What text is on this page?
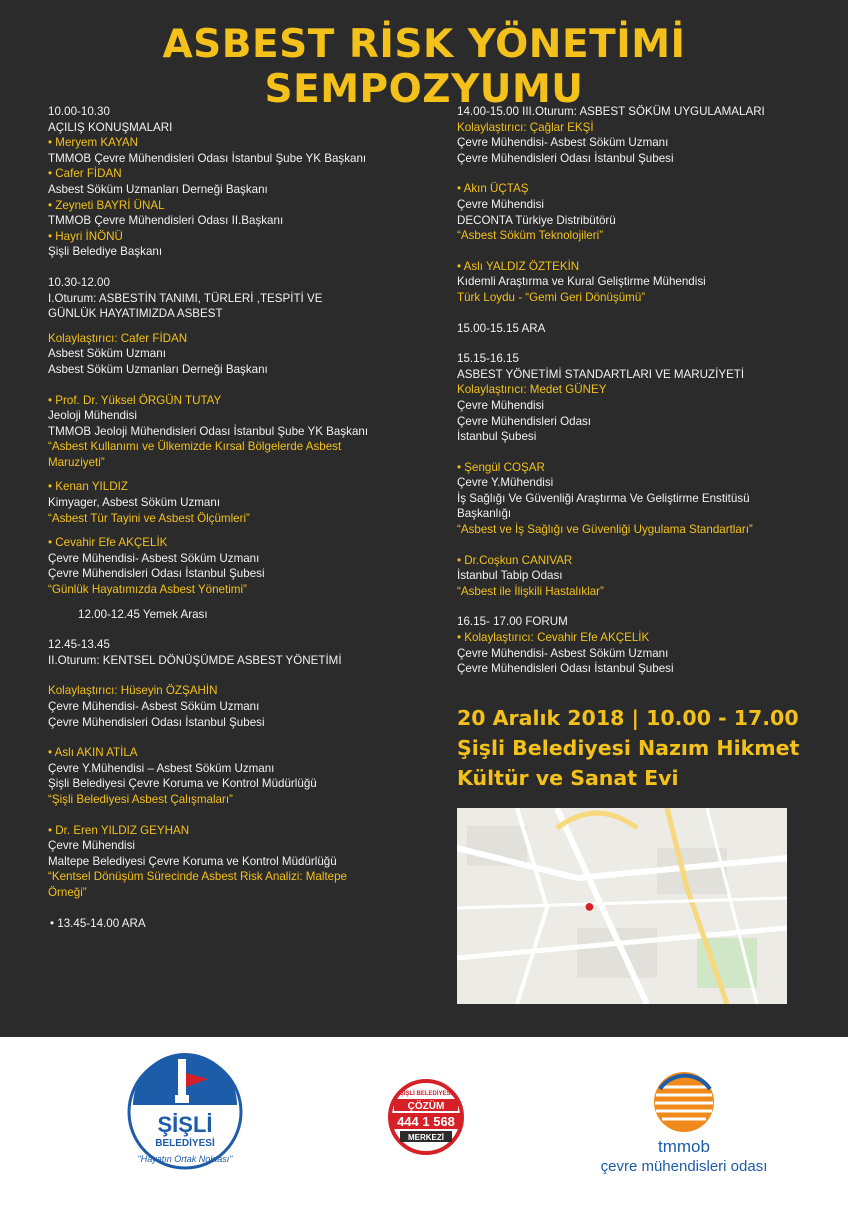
ASBEST RİSK YÖNETİMİ SEMPOZYUMU
10.00-10.30
AÇILIŞ KONUŞMALARI
• Meryem KAYAN
TMMOB Çevre Mühendisleri Odası İstanbul Şube YK Başkanı
• Cafer FİDAN
Asbest Söküm Uzmanları Derneği Başkanı
• Zeyneti BAYRİ ÜNAL
TMMOB Çevre Mühendisleri Odası II.Başkanı
• Hayri İNÖNÜ
Şişli Belediye Başkanı
10.30-12.00
I.Oturum: ASBESTİN TANIMI, TÜRLERİ ,TESPİTİ VE
GÜNLÜK HAYATIMIZDA ASBEST
Kolaylaştırıcı: Cafer FİDAN
Asbest Söküm Uzmanı
Asbest Söküm Uzmanları Derneği Başkanı
• Prof. Dr. Yüksel ÖRGÜN TUTAY
Jeoloji Mühendisi
TMMOB Jeoloji Mühendisleri Odası İstanbul Şube YK Başkanı
“Asbest Kullanımı ve Ülkemizde Kırsal Bölgelerde Asbest
Maruziyeti”
• Kenan YILDIZ
Kimyager, Asbest Söküm Uzmanı
“Asbest Tür Tayini ve Asbest Ölçümleri”
• Cevahir Efe AKÇELİK
Çevre Mühendisi- Asbest Söküm Uzmanı
Çevre Mühendisleri Odası İstanbul Şubesi
“Günlük Hayatımızda Asbest Yönetimi”
12.00-12.45 Yemek Arası
12.45-13.45
II.Oturum: KENTSEL DÖNÜŞÜMDE ASBEST YÖNETİMİ
Kolaylaştırıcı: Hüseyin ÖZŞAHİN
Çevre Mühendisi- Asbest Söküm Uzmanı
Çevre Mühendisleri Odası İstanbul Şubesi
• Aslı AKIN ATİLA
Çevre Y.Mühendisi – Asbest Söküm Uzmanı
Şişli Belediyesi Çevre Koruma ve Kontrol Müdürlüğü
“Şişli Belediyesi Asbest Çalışmaları”
• Dr. Eren YILDIZ GEYHAN
Çevre Mühendisi
Maltepe Belediyesi Çevre Koruma ve Kontrol Müdürlüğü
“Kentsel Dönüşüm Sürecinde Asbest Risk Analizi: Maltepe
Örneği”
• 13.45-14.00 ARA
14.00-15.00 III.Oturum: ASBEST SÖKÜM UYGULAMALARI
Kolaylaştırıcı: Çağlar EKŞİ
Çevre Mühendisi- Asbest Söküm Uzmanı
Çevre Mühendisleri Odası İstanbul Şubesi
• Akın ÜÇTAŞ
Çevre Mühendisi
DECONTA Türkiye Distribütörü
“Asbest Söküm Teknolojileri”
• Aslı YALDIZ ÖZTEKİN
Kıdemli Araştırma ve Kural Geliştirme Mühendisi
Türk Loydu - “Gemi Geri Dönüşümü”
15.00-15.15 ARA
15.15-16.15
ASBEST YÖNETİMİ STANDARTLARI VE MARUZİYETİ
Kolaylaştırıcı: Medet GÜNEY
Çevre Mühendisi
Çevre Mühendisleri Odası
İstanbul Şubesi
• Şengül COŞAR
Çevre Y.Mühendisi
İş Sağlığı Ve Güvenliği Araştırma Ve Geliştirme Enstitüsü
Başkanlığı
“Asbest ve İş Sağlığı ve Güvenliği Uygulama Standartları”
• Dr.Coşkun CANIVAR
İstanbul Tabip Odası
“Asbest ile İlişkili Hastalıklar”
16.15- 17.00 FORUM
• Kolaylaştırıcı: Cevahir Efe AKÇELİK
Çevre Mühendisi- Asbest Söküm Uzmanı
Çevre Mühendisleri Odası İstanbul Şubesi
20 Aralık 2018 | 10.00 - 17.00
Şişli Belediyesi Nazım Hikmet
Kültür ve Sanat Evi
●
ŞİŞLİ
BELEDİYESİ
"Hayatın Ortak Noktası"
ŞİŞLİ BELEDİYESİ
ÇÖZÜM
444 1 568
MERKEZİ	tmmob
çevre mühendisleri odası
